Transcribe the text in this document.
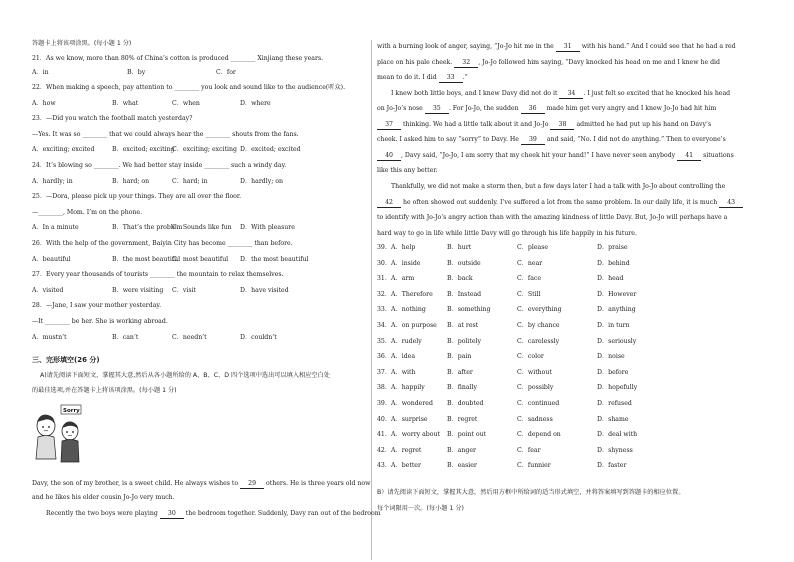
答题卡上将该项涂黑。(每小题 1 分)
21．As we know, more than 80% of China’s cotton is produced ________ Xinjiang these years.
A．in	B．by	C．for
22．When making a speech, pay attention to ________ you look and sound like to the audience(听众).
A．how	B．what	C．when	D．where
23．—Did you watch the football match yesterday?
—Yes. It was so ________ that we could always hear the ________ shouts from the fans.
A．exciting; excited	B．excited; exciting
C．exciting; exciting D．excited; excited
24．It’s blowing so ________. We had better stay inside ________ such a windy day.
A．hardly; in	B．hard; on	C．hard; in	D．hardly; on
25．—Dora, please pick up your things. They are all over the floor.
—________, Mom. I’m on the phone.
A．In a minute	B．That’s the problem
C．Sounds like fun D．With pleasure
26．With the help of the government, Baiyin City has become ________ than before.
A．beautiful	B．the most beautiful
C．most beautiful D．the most beautiful
27．Every year thousands of tourists ________ the mountain to relax themselves.
A．visited	B．were visiting C．visit	D．have visited
28．—Jane, I saw your mother yesterday.
—It ________ be her. She is working abroad.
A．mustn’t	B．can’t	C．needn’t	D．couldn’t
三、完形填空(26 分)
A)请先阅读下面短文，掌握其大意,然后从各小题所给的 A、B、C、D 四个选项中选出可以填入相应空白处
的最佳选项,并在答题卡上将该项涂黑。(每小题 1 分)
Sorry
Davy, the son of my brother, is a sweet child. He always wishes to 29 others. He is three years old now
and he likes his elder cousin Jo-Jo very much.
Recently the two boys were playing 30 the bedroom together. Suddenly, Davy ran out of the bedroom
with a burning look of anger, saying, “Jo-Jo hit me in the 31 with his hand.” And I could see that he had a red
place on his pale cheek. 32 , Jo-Jo followed him saying, “Davy knocked his head on me and I knew he did
mean to do it. I did 33 .”
I knew both little boys, and I knew Davy did not do it 34 . I just felt so excited that he knocked his head
on Jo-Jo’s nose 35 . For Jo-Jo, the sudden 36 made him get very angry and I knew Jo-Jo had hit him
37 thinking. We had a little talk about it and Jo-Jo 38 admitted he had put up his hand on Davy’s
cheek. I asked him to say “sorry” to Davy. He 39 and said, “No. I did not do anything.” Then to everyone’s
40 , Davy said, “Jo-Jo, I am sorry that my cheek hit your hand!” I have never seen anybody 41 situations
like this any better.
Thankfully, we did not make a storm then, but a few days later I had a talk with Jo-Jo about controlling the
42 he often showed out suddenly. I’ve suffered a lot from the same problem. In our daily life, it is much 43
to identify with Jo-Jo’s angry action than with the amazing kindness of little Davy. But, Jo-Jo will perhaps have a
hard way to go in life while little Davy will go through his life happily in his future.
39．A．help	B．hurt	C．please	D．praise
30．A．inside	B．outside	C．near	D．behind
31．A．arm	B．back	C．face	D．head
32．A．Therefore B．Instead	C．Still	D．However
33．A．nothing	B．something	C．everything	D．anything
34．A．on purpose B．at rest	C．by chance	D．in turn
35．A．rudely	B．politely	C．carelessly	D．seriously
36．A．idea	B．pain	C．color	D．noise
37．A．with	B．after	C．without	D．before
38．A．happily	B．finally	C．possibly	D．hopefully
39．A．wondered B．doubted	C．continued	D．refused
40．A．surprise	B．regret	C．sadness	D．shame
41．A．worry about B．point out	C．depend on	D．deal with
42．A．regret	B．anger	C．fear	D．shyness
43．A．better	B．easier	C．funnier	D．faster
B）请先阅读下面短文，掌握其大意，然后用方框中所给词的适当形式填空，并将答案填写到答题卡的相应位置。
每个词限用一次。(每小题 1 分)
